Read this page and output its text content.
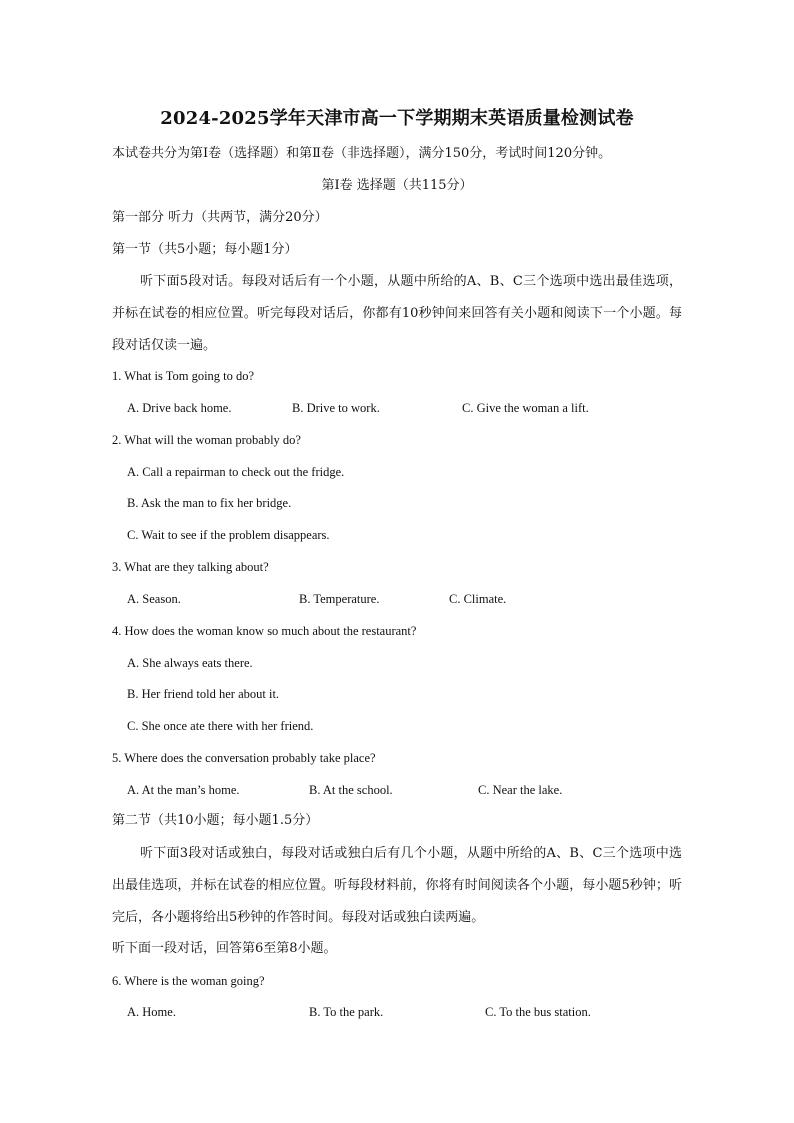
2024-2025学年天津市高一下学期期末英语质量检测试卷
本试卷共分为第Ⅰ卷（选择题）和第Ⅱ卷（非选择题），满分150分，考试时间120分钟。
第Ⅰ卷 选择题（共115分）
第一部分 听力（共两节，满分20分）
第一节（共5小题；每小题1分）
听下面5段对话。每段对话后有一个小题，从题中所给的A、B、C三个选项中选出最佳选项，并标在试卷的相应位置。听完每段对话后，你都有10秒钟间来回答有关小题和阅读下一个小题。每段对话仅读一遍。
1. What is Tom going to do?
A. Drive back home.	B. Drive to work.	C. Give the woman a lift.
2. What will the woman probably do?
A. Call a repairman to check out the fridge.
B. Ask the man to fix her bridge.
C. Wait to see if the problem disappears.
3. What are they talking about?
A. Season.	B. Temperature.	C. Climate.
4. How does the woman know so much about the restaurant?
A. She always eats there.
B. Her friend told her about it.
C. She once ate there with her friend.
5. Where does the conversation probably take place?
A. At the man’s home.	B. At the school.	C. Near the lake.
第二节（共10小题；每小题1.5分）
听下面3段对话或独白，每段对话或独白后有几个小题，从题中所给的A、B、C三个选项中选出最佳选项，并标在试卷的相应位置。听每段材料前，你将有时间阅读各个小题，每小题5秒钟；听完后，各小题将给出5秒钟的作答时间。每段对话或独白读两遍。
听下面一段对话，回答第6至第8小题。
6. Where is the woman going?
A. Home.	B. To the park.	C. To the bus station.
